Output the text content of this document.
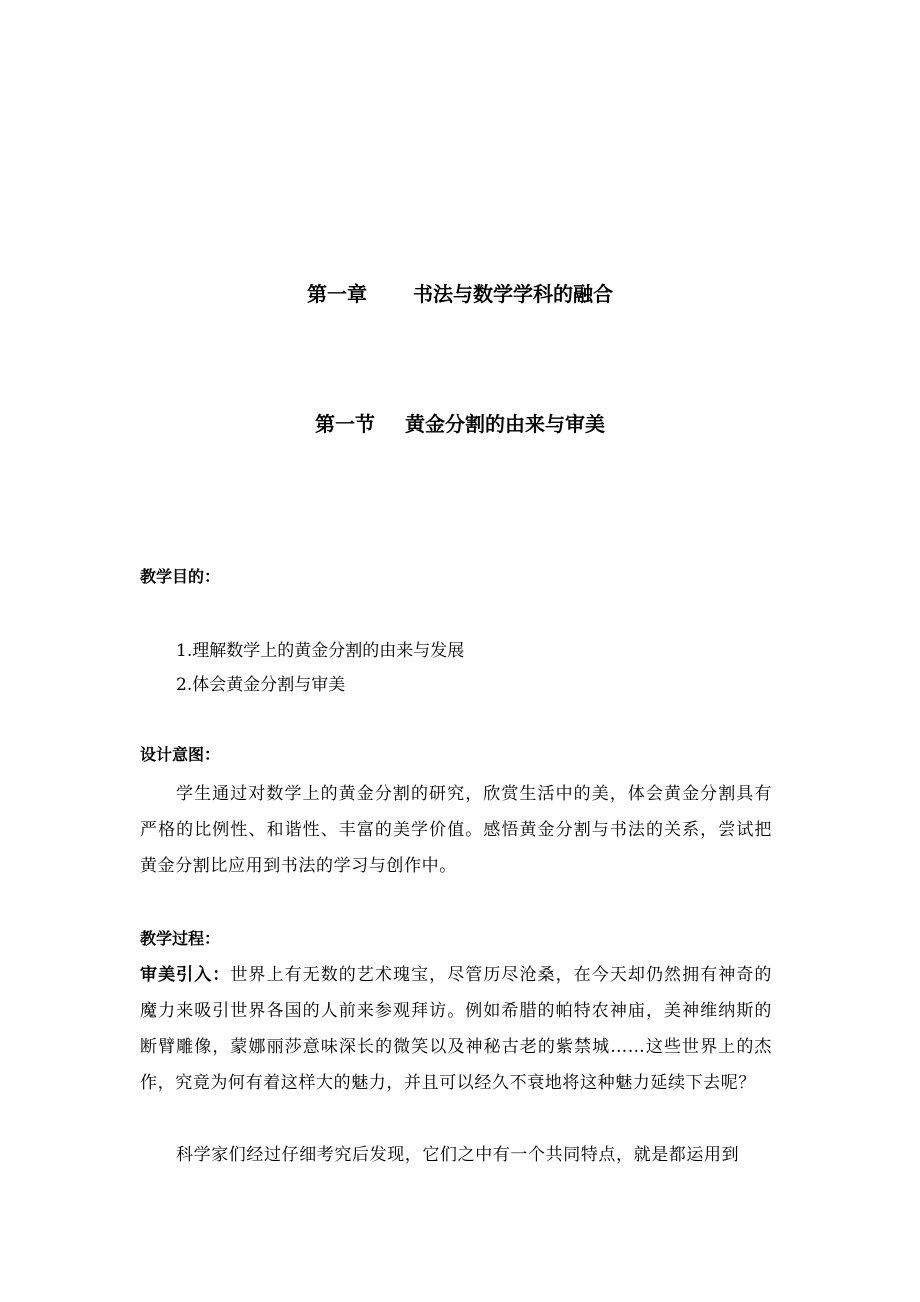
第一章 书法与数学学科的融合
第一节 黄金分割的由来与审美
教学目的：
1.理解数学上的黄金分割的由来与发展
2.体会黄金分割与审美
设计意图：

学生通过对数学上的黄金分割的研究，欣赏生活中的美，体会黄金分割具有严格的比例性、和谐性、丰富的美学价值。感悟黄金分割与书法的关系，尝试把黄金分割比应用到书法的学习与创作中。

教学过程：

审美引入：世界上有无数的艺术瑰宝，尽管历尽沧桑，在今天却仍然拥有神奇的魔力来吸引世界各国的人前来参观拜访。例如希腊的帕特农神庙，美神维纳斯的断臂雕像，蒙娜丽莎意味深长的微笑以及神秘古老的紫禁城……这些世界上的杰作，究竟为何有着这样大的魅力，并且可以经久不衰地将这种魅力延续下去呢？

科学家们经过仔细考究后发现，它们之中有一个共同特点，就是都运用到
